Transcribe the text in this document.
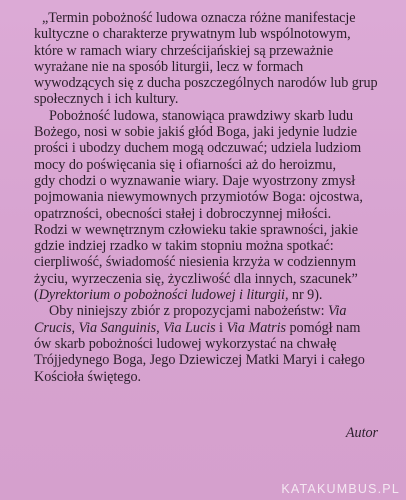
„Termin pobożność ludowa oznacza różne manifestacje
kultyczne o charakterze prywatnym lub wspólnotowym,
które w ramach wiary chrześcijańskiej są przeważnie
wyrażane nie na sposób liturgii, lecz w formach
wywodzących się z ducha poszczególnych narodów lub grup
społecznych i ich kultury.

Pobożność ludowa, stanowiąca prawdziwy skarb ludu
Bożego, nosi w sobie jakiś głód Boga, jaki jedynie ludzie
prości i ubodzy duchem mogą odczuwać; udziela ludziom
mocy do poświęcania się i ofiarności aż do heroizmu,
gdy chodzi o wyznawanie wiary. Daje wyostrzony zmysł
pojmowania niewymownych przymiotów Boga: ojcostwa,
opatrzności, obecności stałej i dobroczynnej miłości.
Rodzi w wewnętrznym człowieku takie sprawności, jakie
gdzie indziej rzadko w takim stopniu można spotkać:
cierpliwość, świadomość niesienia krzyża w codziennym
życiu, wyrzeczenia się, życzliwość dla innych, szacunek”
(Dyrektorium o pobożności ludowej i liturgii, nr 9).

Oby niniejszy zbiór z propozycjami nabożeństw: Via
Crucis, Via Sanguinis, Via Lucis i Via Matris pomógł nam
ów skarb pobożności ludowej wykorzystać na chwałę
Trójjedynego Boga, Jego Dziewiczej Matki Maryi i całego
Kościoła świętego.

Autor
KATAKUMBUS.PL
